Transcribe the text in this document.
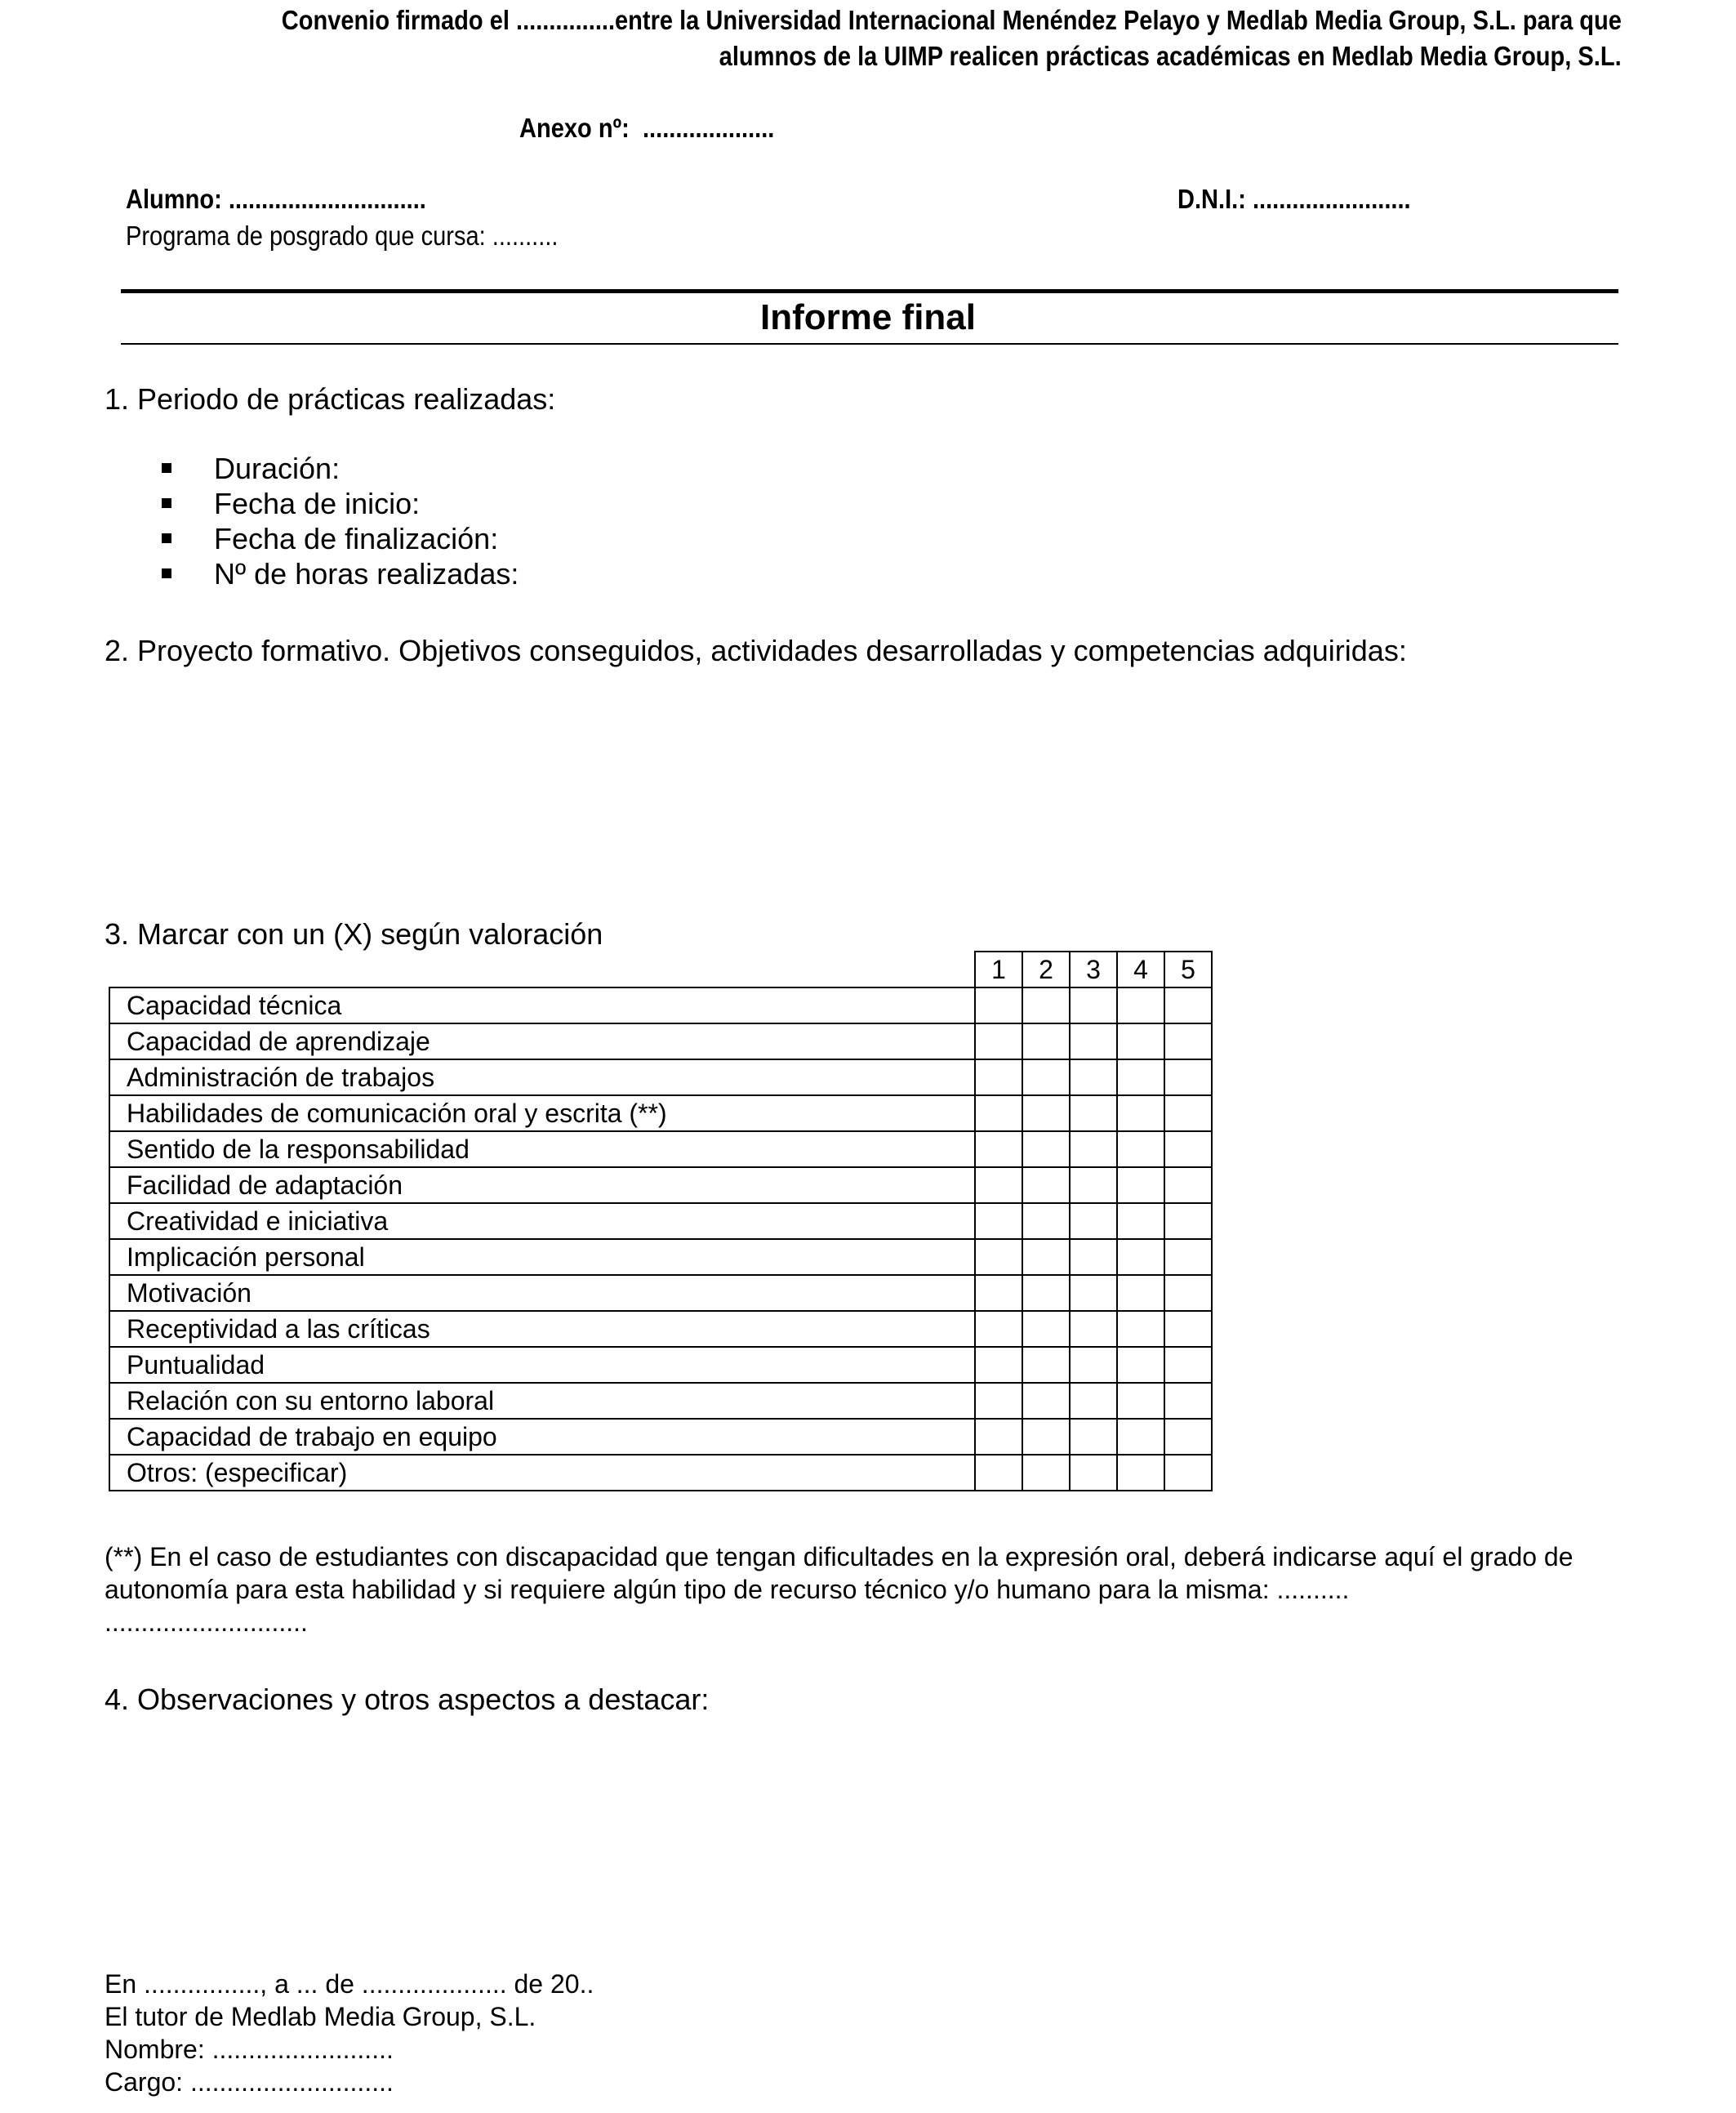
Convenio firmado el ...............entre la Universidad Internacional Menéndez Pelayo y Medlab Media Group, S.L. para que
alumnos de la UIMP realicen prácticas académicas en Medlab Media Group, S.L.
Anexo nº: ....................
Alumno: ..............................	D.N.I.: ........................
Programa de posgrado que cursa: ..........
Informe final
1. Periodo de prácticas realizadas:
Duración:
Fecha de inicio:
Fecha de finalización:
Nº de horas realizadas:
2. Proyecto formativo. Objetivos conseguidos, actividades desarrolladas y competencias adquiridas:
3. Marcar con un (X) según valoración
	1	2	3	4	5
Capacidad técnica					
Capacidad de aprendizaje					
Administración de trabajos					
Habilidades de comunicación oral y escrita (**)					
Sentido de la responsabilidad					
Facilidad de adaptación					
Creatividad e iniciativa					
Implicación personal					
Motivación					
Receptividad a las críticas					
Puntualidad					
Relación con su entorno laboral					
Capacidad de trabajo en equipo					
Otros: (especificar)					
(**) En el caso de estudiantes con discapacidad que tengan dificultades en la expresión oral, deberá indicarse aquí el grado de autonomía para esta habilidad y si requiere algún tipo de recurso técnico y/o humano para la misma: ..........
............................
4. Observaciones y otros aspectos a destacar:
En ................, a ... de .................... de 20..
El tutor de Medlab Media Group, S.L.
Nombre: .........................
Cargo: ............................
